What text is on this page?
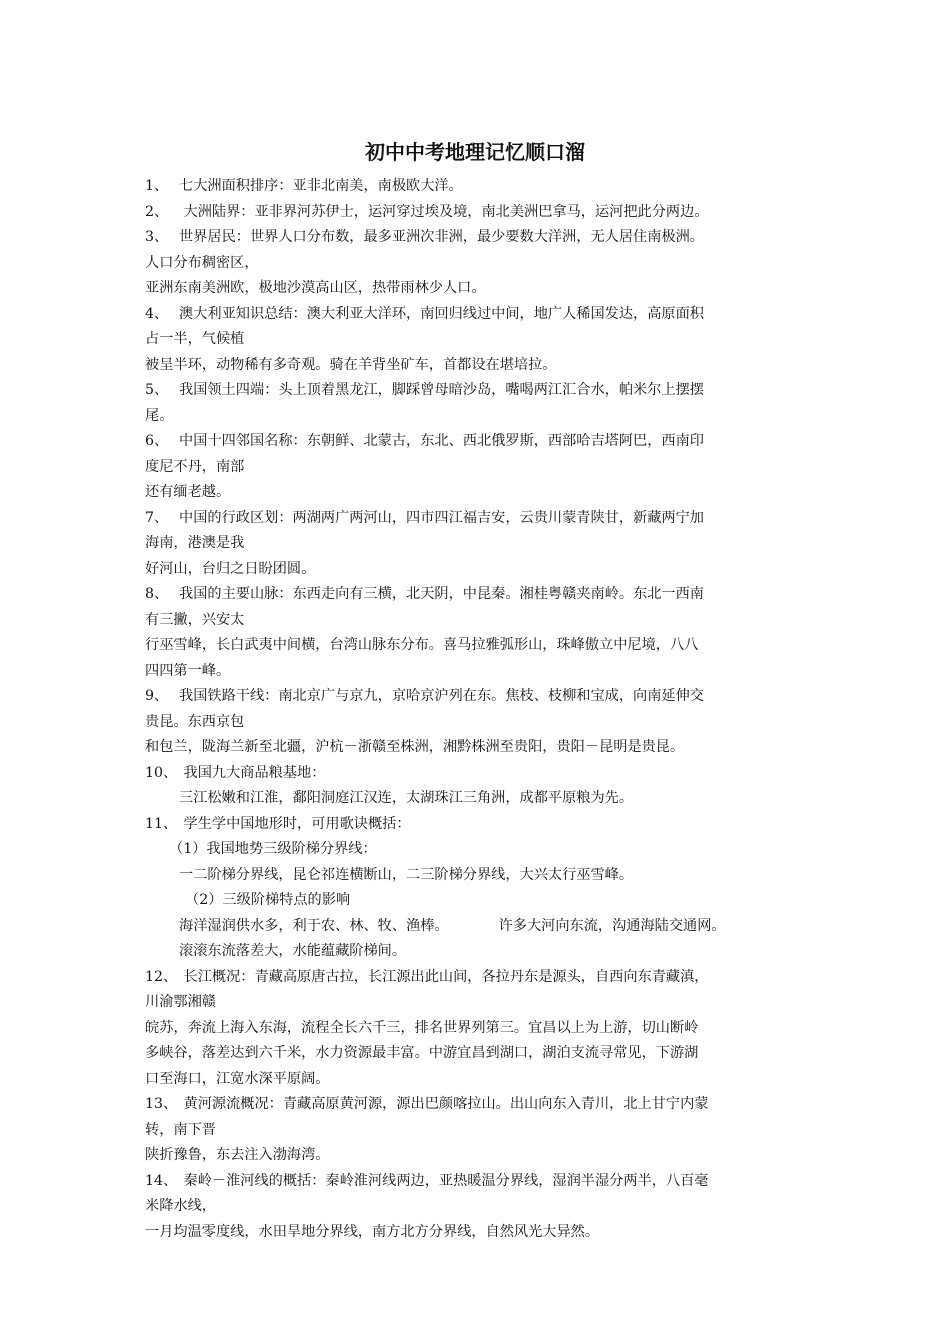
初中中考地理记忆顺口溜
1、 七大洲面积排序：亚非北南美，南极欧大洋。
2、 大洲陆界：亚非界河苏伊士，运河穿过埃及境，南北美洲巴拿马，运河把此分两边。
3、 世界居民：世界人口分布数，最多亚洲次非洲，最少要数大洋洲，无人居住南极洲。
人口分布稠密区，
亚洲东南美洲欧，极地沙漠高山区，热带雨林少人口。
4、 澳大利亚知识总结：澳大利亚大洋环，南回归线过中间，地广人稀国发达，高原面积
占一半，气候植
被呈半环，动物稀有多奇观。骑在羊背坐矿车，首都设在堪培拉。
5、 我国领土四端：头上顶着黑龙江，脚踩曾母暗沙岛，嘴喝两江汇合水，帕米尔上摆摆
尾。
6、 中国十四邻国名称：东朝鲜、北蒙古，东北、西北俄罗斯，西部哈吉塔阿巴，西南印
度尼不丹，南部
还有缅老越。
7、 中国的行政区划：两湖两广两河山，四市四江福吉安，云贵川蒙青陕甘，新藏两宁加
海南，港澳是我
好河山，台归之日盼团圆。
8、 我国的主要山脉：东西走向有三横，北天阴，中昆秦。湘桂粤赣夹南岭。东北一西南
有三撇，兴安太
行巫雪峰，长白武夷中间横，台湾山脉东分布。喜马拉雅弧形山，珠峰傲立中尼境，八八
四四第一峰。
9、 我国铁路干线：南北京广与京九，京哈京沪列在东。焦枝、枝柳和宝成，向南延伸交
贵昆。东西京包
和包兰，陇海兰新至北疆，沪杭－浙赣至株洲，湘黔株洲至贵阳，贵阳－昆明是贵昆。
10、 我国九大商品粮基地：
三江松嫩和江淮，鄱阳洞庭江汉连，太湖珠江三角洲，成都平原粮为先。
11、 学生学中国地形时，可用歌诀概括：
（1）我国地势三级阶梯分界线：
一二阶梯分界线，昆仑祁连横断山，二三阶梯分界线，大兴太行巫雪峰。
（2）三级阶梯特点的影响
海洋湿润供水多，利于农、林、牧、渔棒。	许多大河向东流，沟通海陆交通网。
滚滚东流落差大，水能蕴藏阶梯间。
12、 长江概况：青藏高原唐古拉，长江源出此山间，各拉丹东是源头，自西向东青藏滇，
川渝鄂湘赣
皖苏，奔流上海入东海，流程全长六千三，排名世界列第三。宜昌以上为上游，切山断岭
多峡谷，落差达到六千米，水力资源最丰富。中游宜昌到湖口，湖泊支流寻常见，下游湖
口至海口，江宽水深平原阔。
13、 黄河源流概况：青藏高原黄河源，源出巴颜喀拉山。出山向东入青川，北上甘宁内蒙
转，南下晋
陕折豫鲁，东去注入渤海湾。
14、 秦岭－淮河线的概括：秦岭淮河线两边，亚热暖温分界线，湿润半湿分两半，八百毫
米降水线，
一月均温零度线，水田旱地分界线，南方北方分界线，自然风光大异然。
